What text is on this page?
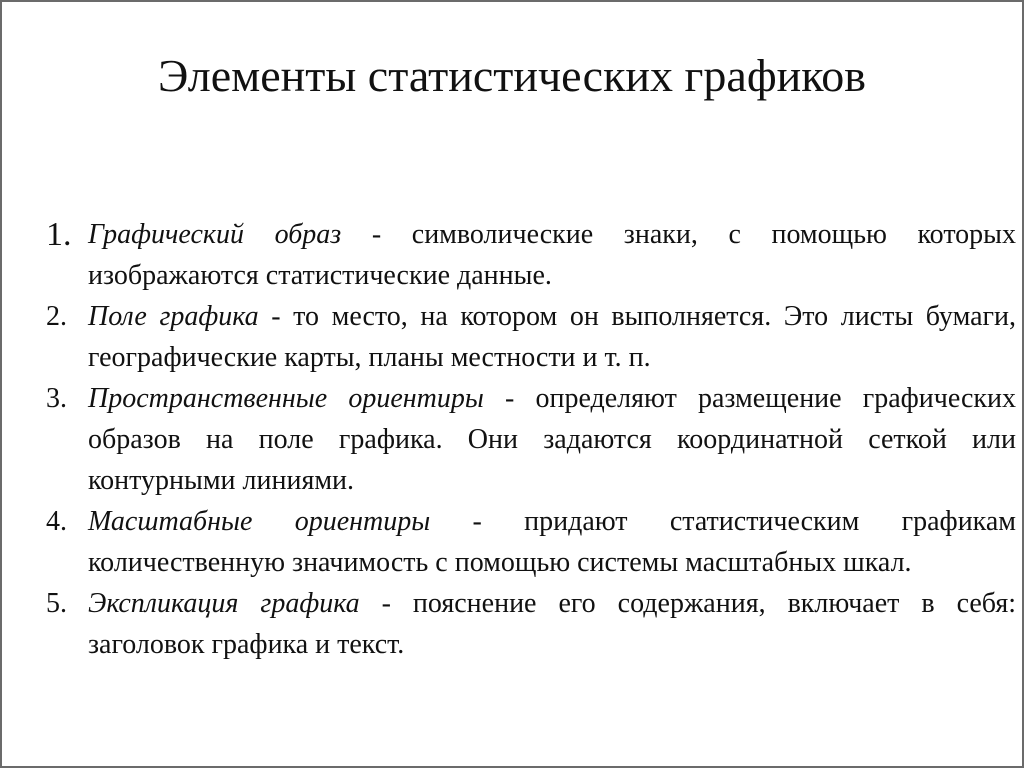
Элементы статистических графиков
1. Графический образ - символические знаки, с помощью которых изображаются статистические данные.
2. Поле графика - то место, на котором он выполняется. Это листы бумаги, географические карты, планы местности и т. п.
3. Пространственные ориентиры - определяют размещение графических образов на поле графика. Они задаются координатной сеткой или контурными линиями.
4. Масштабные ориентиры - придают статистическим графикам количественную значимость с помощью системы масштабных шкал.
5. Экспликация графика - пояснение его содержания, включает в себя: заголовок графика и текст.
